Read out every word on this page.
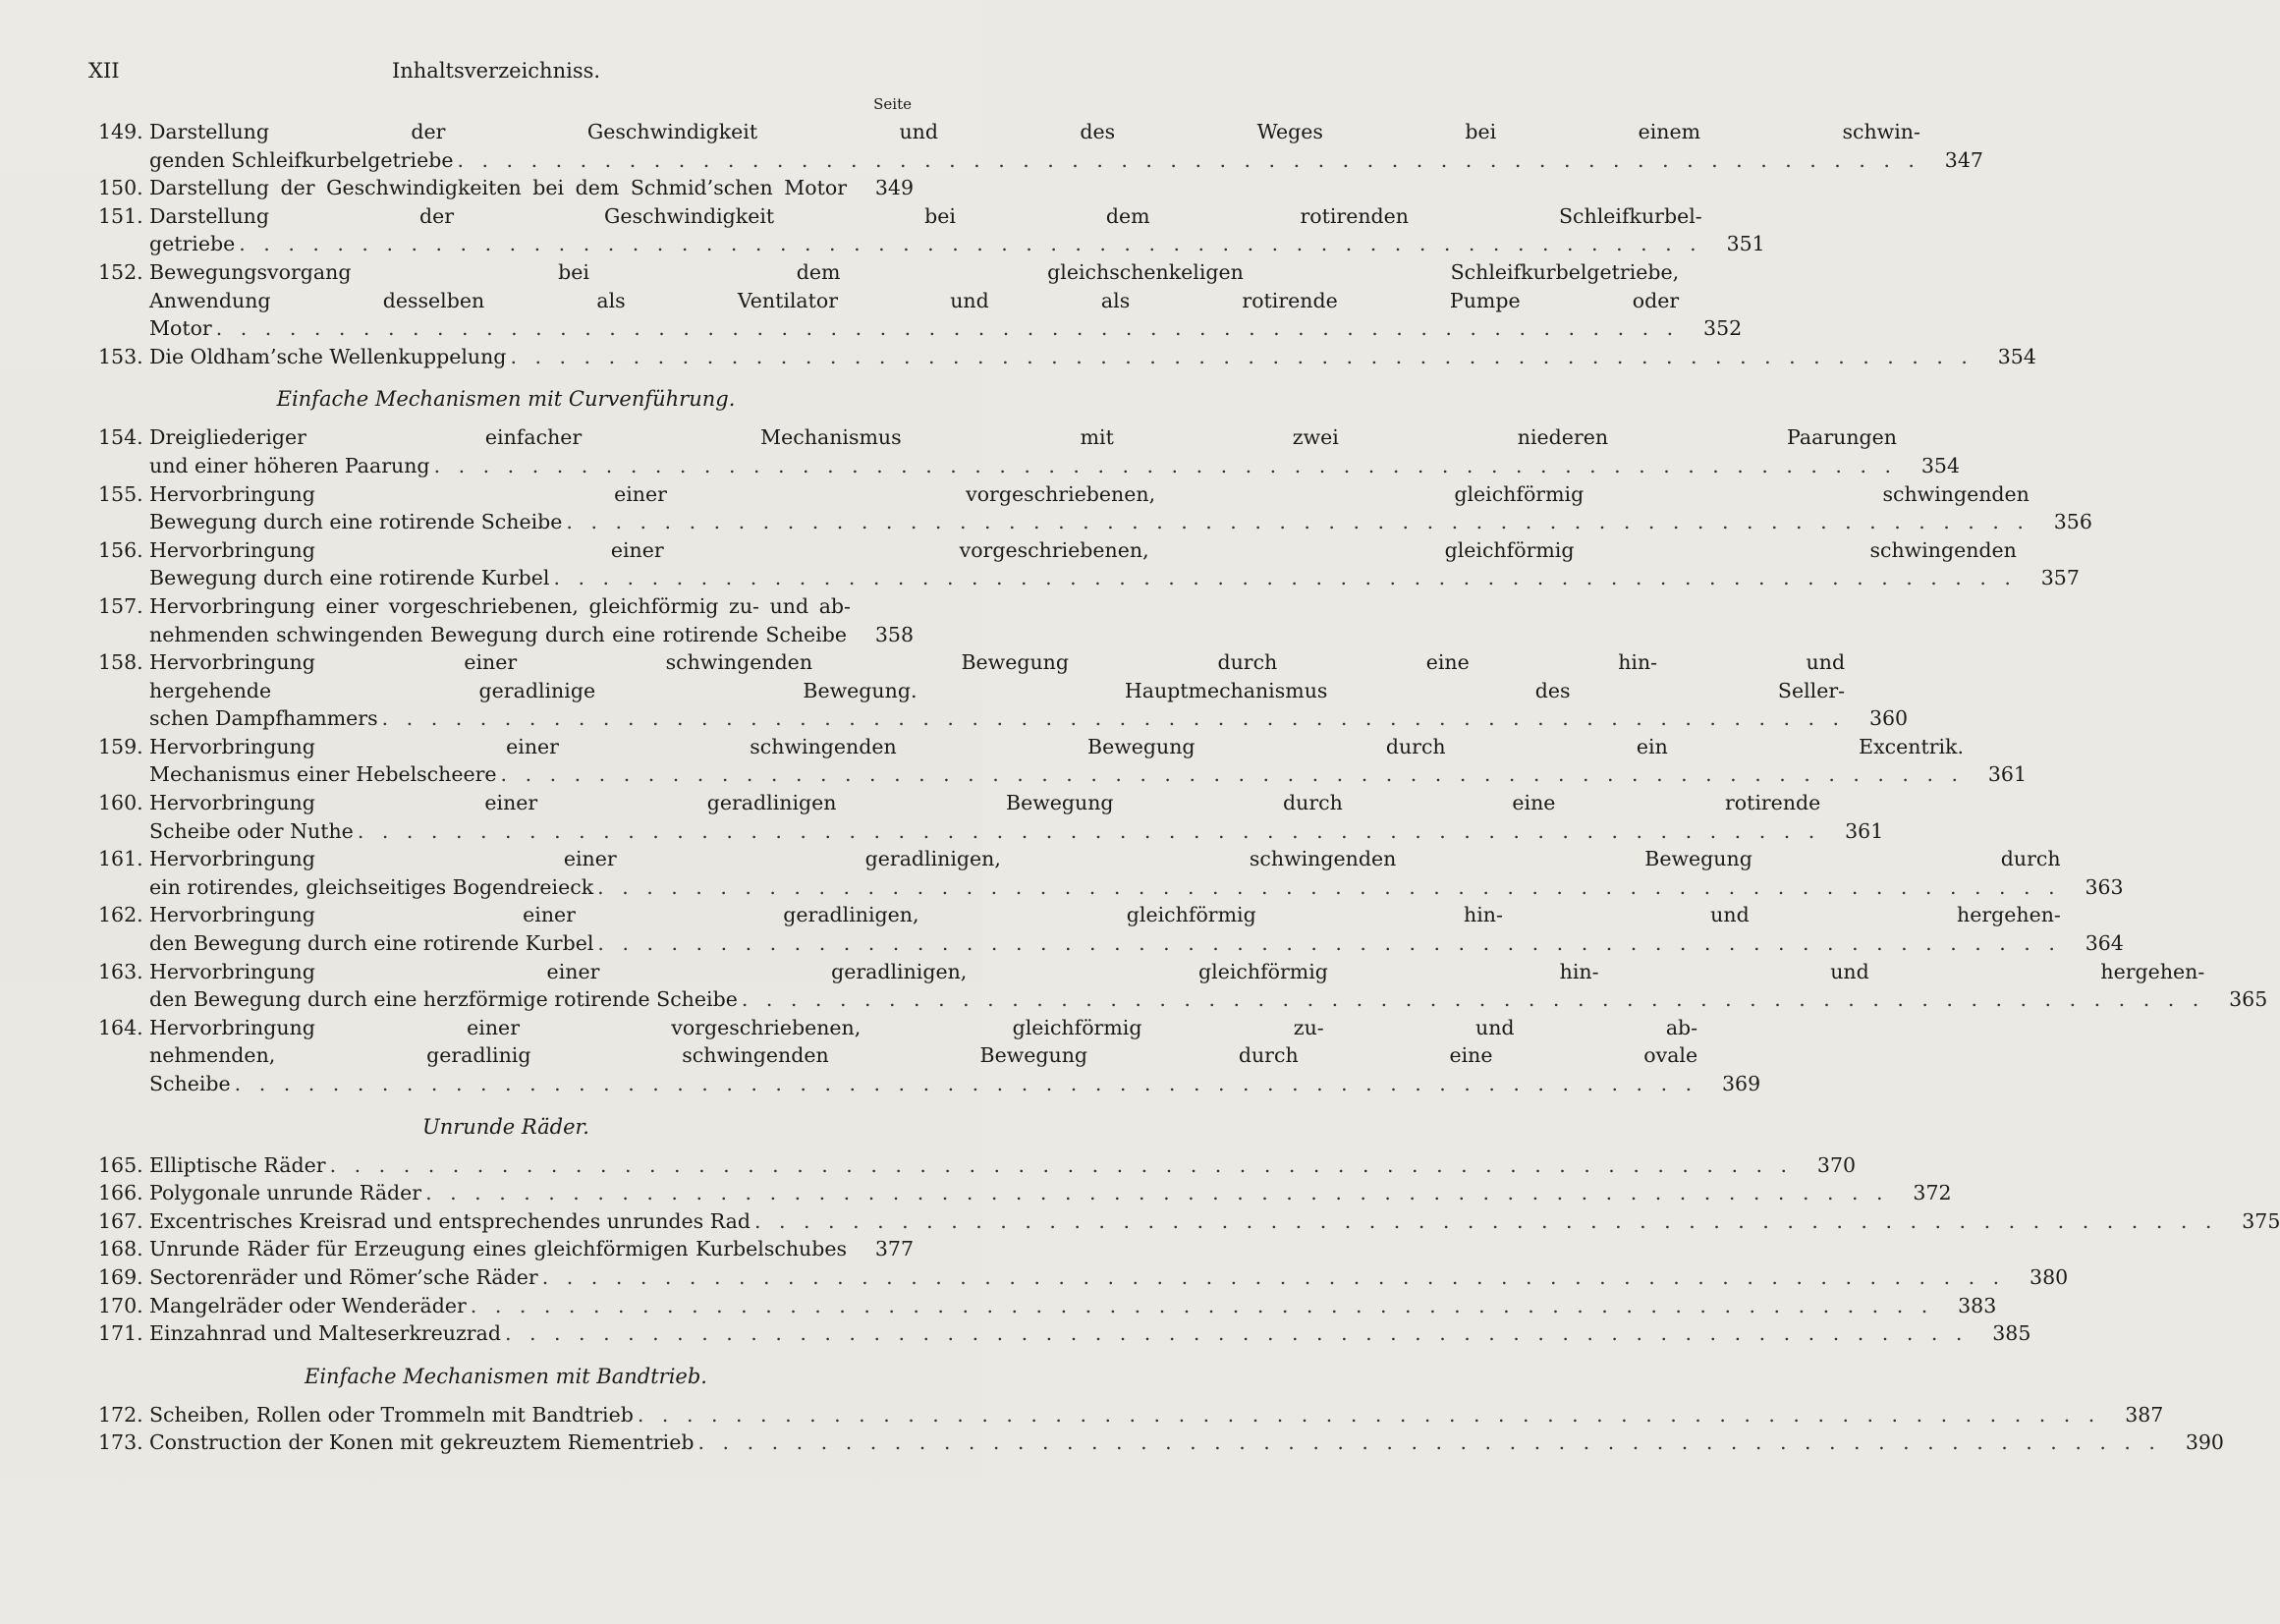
XII	Inhaltsverzeichniss.
Seite
149. Darstellung der Geschwindigkeit und des Weges bei einem schwin-
genden Schleifkurbelgetriebe . . . . . . . . . . . . . . . . . . . . . . . . . . . . . . . . . . . . . . . . . . . . . . . . . . . . . . . . . . . .	347
150. Darstellung der Geschwindigkeiten bei dem Schmid’schen Motor	349
151. Darstellung der Geschwindigkeit bei dem rotirenden Schleifkurbel-
getriebe . . . . . . . . . . . . . . . . . . . . . . . . . . . . . . . . . . . . . . . . . . . . . . . . . . . . . . . . . . . .	351
152. Bewegungsvorgang bei dem gleichschenkeligen Schleifkurbelgetriebe,
Anwendung desselben als Ventilator und als rotirende Pumpe oder
Motor . . . . . . . . . . . . . . . . . . . . . . . . . . . . . . . . . . . . . . . . . . . . . . . . . . . . . . . . . . . .	352
153. Die Oldham’sche Wellenkuppelung . . . . . . . . . . . . . . . . . . . . . . . . . . . . . . . . . . . . . . . . . . . . . . . . . . . . . . . . . . . .	354
Einfache Mechanismen mit Curvenführung.
154. Dreigliederiger einfacher Mechanismus mit zwei niederen Paarungen
und einer höheren Paarung . . . . . . . . . . . . . . . . . . . . . . . . . . . . . . . . . . . . . . . . . . . . . . . . . . . . . . . . . . . .	354
155. Hervorbringung einer vorgeschriebenen, gleichförmig schwingenden
Bewegung durch eine rotirende Scheibe . . . . . . . . . . . . . . . . . . . . . . . . . . . . . . . . . . . . . . . . . . . . . . . . . . . . . . . . . . . .	356
156. Hervorbringung einer vorgeschriebenen, gleichförmig schwingenden
Bewegung durch eine rotirende Kurbel . . . . . . . . . . . . . . . . . . . . . . . . . . . . . . . . . . . . . . . . . . . . . . . . . . . . . . . . . . . .	357
157. Hervorbringung einer vorgeschriebenen, gleichförmig zu- und ab-
nehmenden schwingenden Bewegung durch eine rotirende Scheibe	358
158. Hervorbringung einer schwingenden Bewegung durch eine hin- und
hergehende geradlinige Bewegung. Hauptmechanismus des Seller-
schen Dampfhammers . . . . . . . . . . . . . . . . . . . . . . . . . . . . . . . . . . . . . . . . . . . . . . . . . . . . . . . . . . . .	360
159. Hervorbringung einer schwingenden Bewegung durch ein Excentrik.
Mechanismus einer Hebelscheere . . . . . . . . . . . . . . . . . . . . . . . . . . . . . . . . . . . . . . . . . . . . . . . . . . . . . . . . . . . .	361
160. Hervorbringung einer geradlinigen Bewegung durch eine rotirende
Scheibe oder Nuthe . . . . . . . . . . . . . . . . . . . . . . . . . . . . . . . . . . . . . . . . . . . . . . . . . . . . . . . . . . . .	361
161. Hervorbringung einer geradlinigen, schwingenden Bewegung durch
ein rotirendes, gleichseitiges Bogendreieck . . . . . . . . . . . . . . . . . . . . . . . . . . . . . . . . . . . . . . . . . . . . . . . . . . . . . . . . . . . .	363
162. Hervorbringung einer geradlinigen, gleichförmig hin- und hergehen-
den Bewegung durch eine rotirende Kurbel . . . . . . . . . . . . . . . . . . . . . . . . . . . . . . . . . . . . . . . . . . . . . . . . . . . . . . . . . . . .	364
163. Hervorbringung einer geradlinigen, gleichförmig hin- und hergehen-
den Bewegung durch eine herzförmige rotirende Scheibe . . . . . . . . . . . . . . . . . . . . . . . . . . . . . . . . . . . . . . . . . . . . . . . . . . . . . . . . . . . .	365
164. Hervorbringung einer vorgeschriebenen, gleichförmig zu- und ab-
nehmenden, geradlinig schwingenden Bewegung durch eine ovale
Scheibe . . . . . . . . . . . . . . . . . . . . . . . . . . . . . . . . . . . . . . . . . . . . . . . . . . . . . . . . . . . .	369
Unrunde Räder.
165. Elliptische Räder . . . . . . . . . . . . . . . . . . . . . . . . . . . . . . . . . . . . . . . . . . . . . . . . . . . . . . . . . . . .	370
166. Polygonale unrunde Räder . . . . . . . . . . . . . . . . . . . . . . . . . . . . . . . . . . . . . . . . . . . . . . . . . . . . . . . . . . . .	372
167. Excentrisches Kreisrad und entsprechendes unrundes Rad . . . . . . . . . . . . . . . . . . . . . . . . . . . . . . . . . . . . . . . . . . . . . . . . . . . . . . . . . . . .	375
168. Unrunde Räder für Erzeugung eines gleichförmigen Kurbelschubes	377
169. Sectorenräder und Römer’sche Räder . . . . . . . . . . . . . . . . . . . . . . . . . . . . . . . . . . . . . . . . . . . . . . . . . . . . . . . . . . . .	380
170. Mangelräder oder Wenderäder . . . . . . . . . . . . . . . . . . . . . . . . . . . . . . . . . . . . . . . . . . . . . . . . . . . . . . . . . . . .	383
171. Einzahnrad und Malteserkreuzrad . . . . . . . . . . . . . . . . . . . . . . . . . . . . . . . . . . . . . . . . . . . . . . . . . . . . . . . . . . . .	385
Einfache Mechanismen mit Bandtrieb.
172. Scheiben, Rollen oder Trommeln mit Bandtrieb . . . . . . . . . . . . . . . . . . . . . . . . . . . . . . . . . . . . . . . . . . . . . . . . . . . . . . . . . . . .	387
173. Construction der Konen mit gekreuztem Riementrieb . . . . . . . . . . . . . . . . . . . . . . . . . . . . . . . . . . . . . . . . . . . . . . . . . . . . . . . . . . . .	390
